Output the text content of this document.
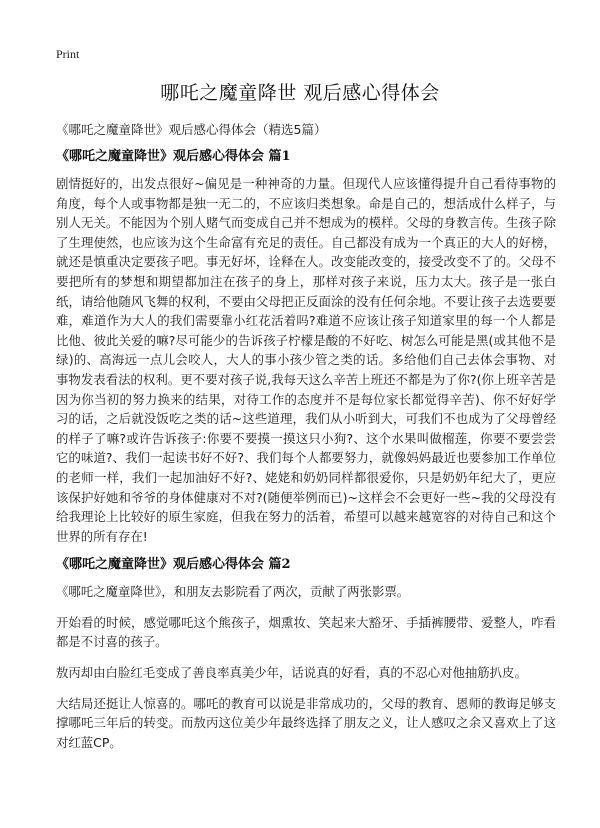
Print
哪吒之魔童降世 观后感心得体会

《哪吒之魔童降世》观后感心得体会（精选5篇）

《哪吒之魔童降世》观后感心得体会 篇1

剧情挺好的，出发点很好~偏见是一种神奇的力量。但现代人应该懂得提升自己看待事物的角度，每个人或事物都是独一无二的，不应该归类想象。命是自己的，想活成什么样子，与别人无关。不能因为个别人赌气而变成自己并不想成为的模样。父母的身教言传。生孩子除了生理使然，也应该为这个生命富有充足的责任。自己都没有成为一个真正的大人的好榜，就还是慎重决定要孩子吧。事无好坏，诠释在人。改变能改变的，接受改变不了的。父母不要把所有的梦想和期望都加注在孩子的身上，那样对孩子来说，压力太大。孩子是一张白纸，请给他随风飞舞的权利，不要由父母把正反面涂的没有任何余地。不要让孩子去选要要难，难道作为大人的我们需要靠小红花活着吗?难道不应该让孩子知道家里的每一个人都是比他、彼此关爱的嘛?尽可能少的告诉孩子柠檬是酸的不好吃、树怎么可能是黑(或其他不是绿)的、高海远一点儿会咬人，大人的事小孩少管之类的话。多给他们自己去体会事物、对事物发表看法的权利。更不要对孩子说,我每天这么辛苦上班还不都是为了你?(你上班辛苦是因为你当初的努力换来的结果，对待工作的态度并不是每位家长都觉得辛苦)、你不好好学习的话，之后就没饭吃之类的话~这些道理，我们从小听到大，可我们不也成为了父母曾经的样子了嘛?或许告诉孩子:你要不要摸一摸这只小狗?、这个水果叫做榴莲，你要不要尝尝它的味道?、我们一起读书好不好?、我们每个人都要努力，就像妈妈最近也要参加工作单位的老师一样，我们一起加油好不好?、姥姥和奶奶同样都很爱你，只是奶奶年纪大了，更应该保护好她和爷爷的身体健康对不对?(随便举例而已)~这样会不会更好一些~我的父母没有给我理论上比较好的原生家庭，但我在努力的活着，希望可以越来越宽容的对待自己和这个世界的所有存在!

《哪吒之魔童降世》观后感心得体会 篇2

《哪吒之魔童降世》，和朋友去影院看了两次，贡献了两张影票。

开始看的时候，感觉哪吒这个熊孩子，烟熏妆、笑起来大豁牙、手插裤腰带、爱整人，咋看都是不讨喜的孩子。

敖丙却由白脸红毛变成了善良率真美少年，话说真的好看，真的不忍心对他抽筋扒皮。

大结局还挺让人惊喜的。哪吒的教育可以说是非常成功的，父母的教育、恩师的教诲足够支撑哪吒三年后的转变。而敖丙这位美少年最终选择了朋友之义，让人感叹之余又喜欢上了这对红蓝CP。
